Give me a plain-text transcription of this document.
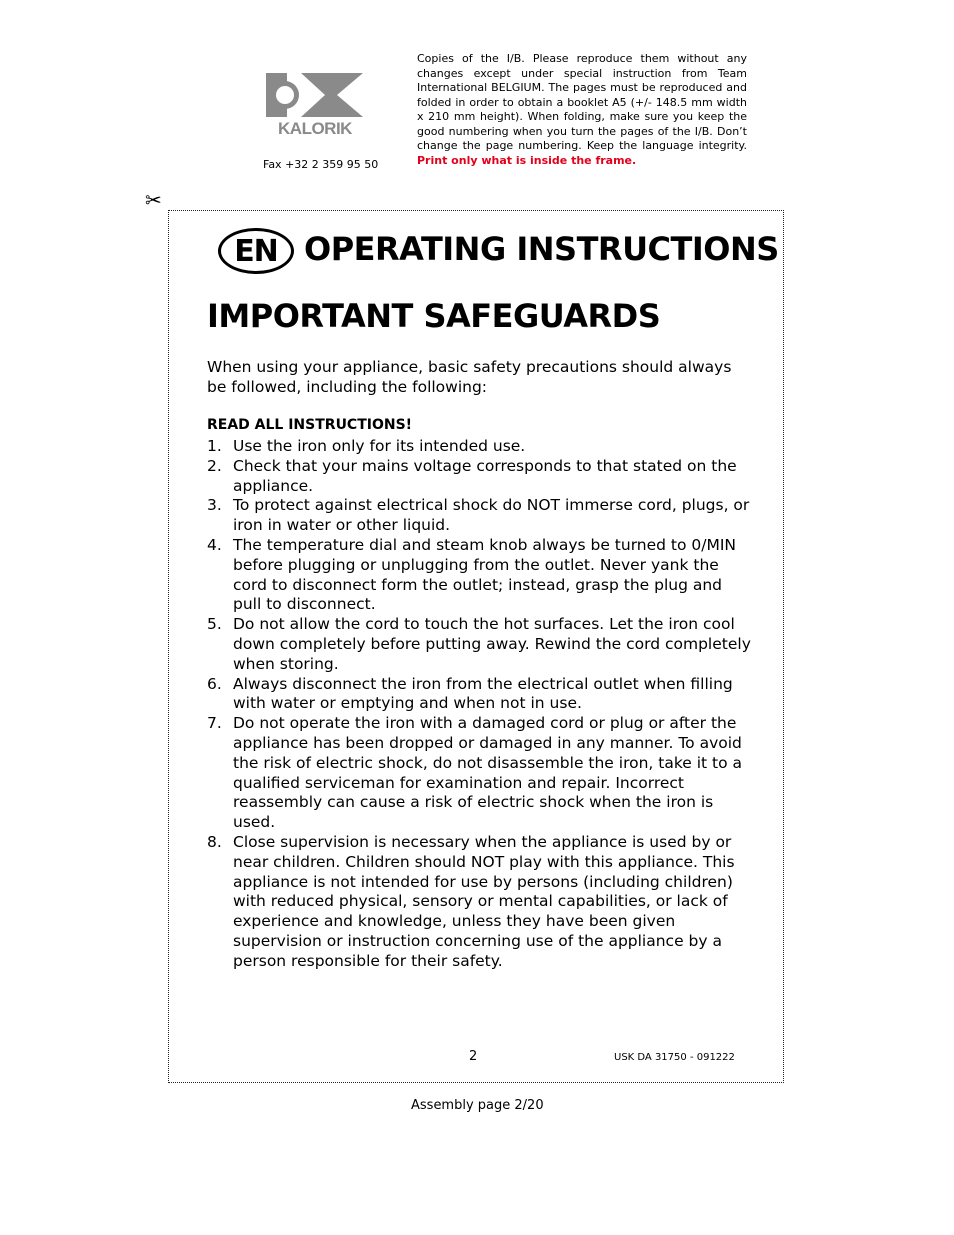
KALORIK
Fax +32 2 359 95 50
Copies of the I/B. Please reproduce them without any changes except under special instruction from Team International BELGIUM. The pages must be reproduced and folded in order to obtain a booklet A5 (+/- 148.5 mm width x 210 mm height). When folding, make sure you keep the good numbering when you turn the pages of the I/B. Don’t change the page numbering. Keep the language integrity. Print only what is inside the frame.
✂
EN OPERATING INSTRUCTIONS
IMPORTANT SAFEGUARDS
When using your appliance, basic safety precautions should always be followed, including the following:
READ ALL INSTRUCTIONS!
1. Use the iron only for its intended use.
2. Check that your mains voltage corresponds to that stated on the appliance.
3. To protect against electrical shock do NOT immerse cord, plugs, or iron in water or other liquid.
4. The temperature dial and steam knob always be turned to 0/MIN before plugging or unplugging from the outlet. Never yank the cord to disconnect form the outlet; instead, grasp the plug and pull to disconnect.
5. Do not allow the cord to touch the hot surfaces. Let the iron cool down completely before putting away. Rewind the cord completely when storing.
6. Always disconnect the iron from the electrical outlet when filling with water or emptying and when not in use.
7. Do not operate the iron with a damaged cord or plug or after the appliance has been dropped or damaged in any manner. To avoid the risk of electric shock, do not disassemble the iron, take it to a qualified serviceman for examination and repair. Incorrect reassembly can cause a risk of electric shock when the iron is used.
8. Close supervision is necessary when the appliance is used by or near children. Children should NOT play with this appliance. This appliance is not intended for use by persons (including children) with reduced physical, sensory or mental capabilities, or lack of experience and knowledge, unless they have been given supervision or instruction concerning use of the appliance by a person responsible for their safety.
2	USK DA 31750 - 091222
Assembly page 2/20
